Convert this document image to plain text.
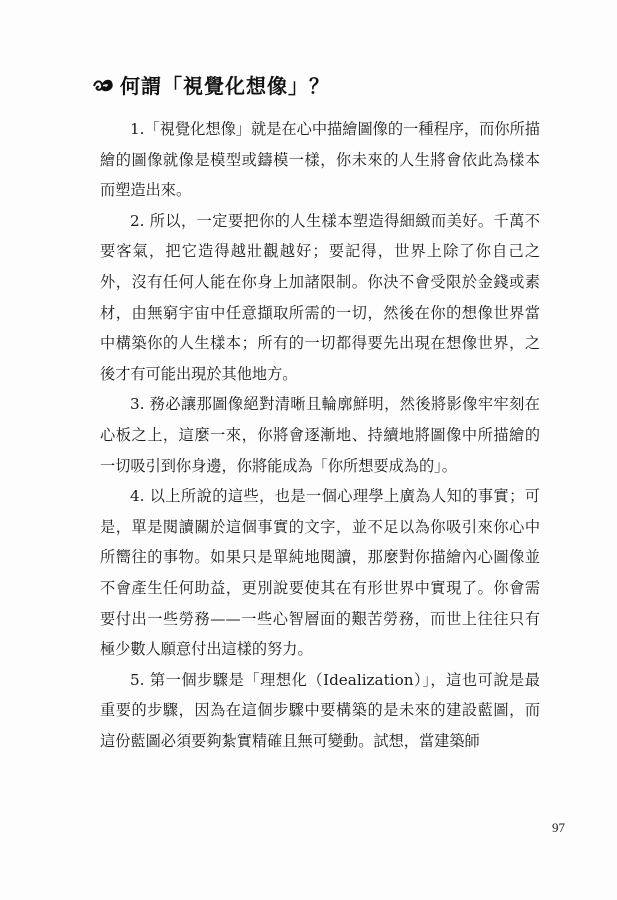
何謂「視覺化想像」？

1.「視覺化想像」就是在心中描繪圖像的一種程序，而你所描繪的圖像就像是模型或鑄模一樣，你未來的人生將會依此為樣本而塑造出來。

2. 所以，一定要把你的人生樣本塑造得細緻而美好。千萬不要客氣，把它造得越壯觀越好；要記得，世界上除了你自己之外，沒有任何人能在你身上加諸限制。你決不會受限於金錢或素材，由無窮宇宙中任意擷取所需的一切，然後在你的想像世界當中構築你的人生樣本；所有的一切都得要先出現在想像世界，之後才有可能出現於其他地方。

3. 務必讓那圖像絕對清晰且輪廓鮮明，然後將影像牢牢刻在心板之上，這麼一來，你將會逐漸地、持續地將圖像中所描繪的一切吸引到你身邊，你將能成為「你所想要成為的」。

4. 以上所說的這些，也是一個心理學上廣為人知的事實；可是，單是閱讀關於這個事實的文字，並不足以為你吸引來你心中所嚮往的事物。如果只是單純地閱讀，那麼對你描繪內心圖像並不會產生任何助益，更別說要使其在有形世界中實現了。你會需要付出一些勞務——一些心智層面的艱苦勞務，而世上往往只有極少數人願意付出這樣的努力。

5. 第一個步驟是「理想化（Idealization）」，這也可說是最重要的步驟，因為在這個步驟中要構築的是未來的建設藍圖，而這份藍圖必須要夠紮實精確且無可變動。試想，當建築師

97
